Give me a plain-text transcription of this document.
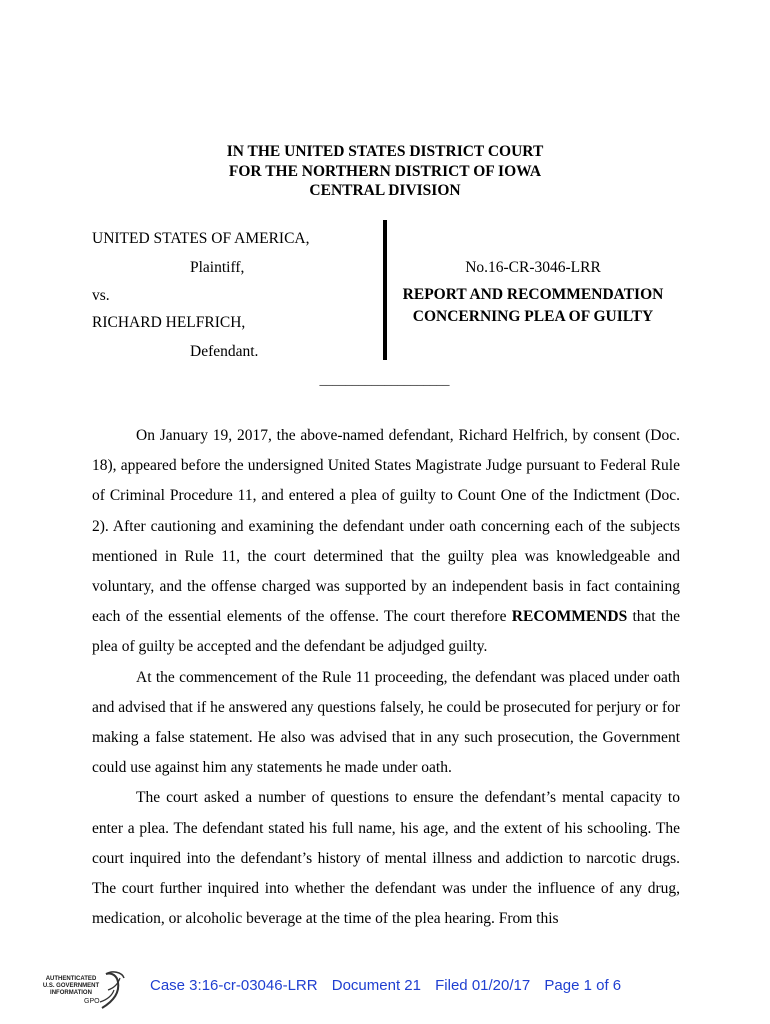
IN THE UNITED STATES DISTRICT COURT
FOR THE NORTHERN DISTRICT OF IOWA
CENTRAL DIVISION
UNITED STATES OF AMERICA,
Plaintiff,
vs.
RICHARD HELFRICH,
Defendant.
No.16-CR-3046-LRR
REPORT AND RECOMMENDATION
CONCERNING PLEA OF GUILTY
____________________

On January 19, 2017, the above-named defendant, Richard Helfrich, by consent (Doc. 18), appeared before the undersigned United States Magistrate Judge pursuant to Federal Rule of Criminal Procedure 11, and entered a plea of guilty to Count One of the Indictment (Doc. 2). After cautioning and examining the defendant under oath concerning each of the subjects mentioned in Rule 11, the court determined that the guilty plea was knowledgeable and voluntary, and the offense charged was supported by an independent basis in fact containing each of the essential elements of the offense. The court therefore RECOMMENDS that the plea of guilty be accepted and the defendant be adjudged guilty.

At the commencement of the Rule 11 proceeding, the defendant was placed under oath and advised that if he answered any questions falsely, he could be prosecuted for perjury or for making a false statement. He also was advised that in any such prosecution, the Government could use against him any statements he made under oath.

The court asked a number of questions to ensure the defendant’s mental capacity to enter a plea. The defendant stated his full name, his age, and the extent of his schooling. The court inquired into the defendant’s history of mental illness and addiction to narcotic drugs. The court further inquired into whether the defendant was under the influence of any drug, medication, or alcoholic beverage at the time of the plea hearing. From this

AUTHENTICATED
U.S. GOVERNMENT
INFORMATION
GPO
Case 3:16-cr-03046-LRR Document 21 Filed 01/20/17 Page 1 of 6
